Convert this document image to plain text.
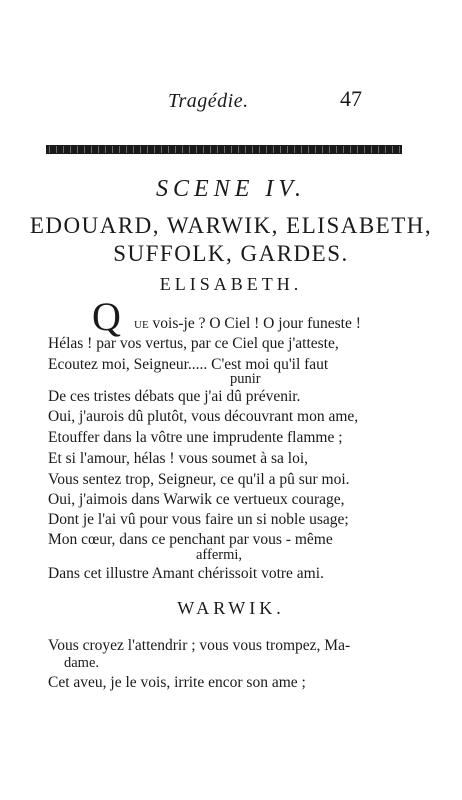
Tragédie.	47
SCENE IV.
EDOUARD, WARWIK, ELISABETH,
SUFFOLK, GARDES.
ELISABETH.
Q ue vois-je ? O Ciel ! O jour funeste !
Hélas ! par vos vertus, par ce Ciel que j'atteste,
Ecoutez moi, Seigneur..... C'est moi qu'il faut
punir
De ces tristes débats que j'ai dû prévenir.
Oui, j'aurois dû plutôt, vous découvrant mon ame,
Etouffer dans la vôtre une imprudente flamme ;
Et si l'amour, hélas ! vous soumet à sa loi,
Vous sentez trop, Seigneur, ce qu'il a pû sur moi.
Oui, j'aimois dans Warwik ce vertueux courage,
Dont je l'ai vû pour vous faire un si noble usage;
Mon cœur, dans ce penchant par vous - même
affermi,
Dans cet illustre Amant chérissoit votre ami.
WARWIK.
Vous croyez l'attendrir ; vous vous trompez, Ma-
dame.
Cet aveu, je le vois, irrite encor son ame ;
